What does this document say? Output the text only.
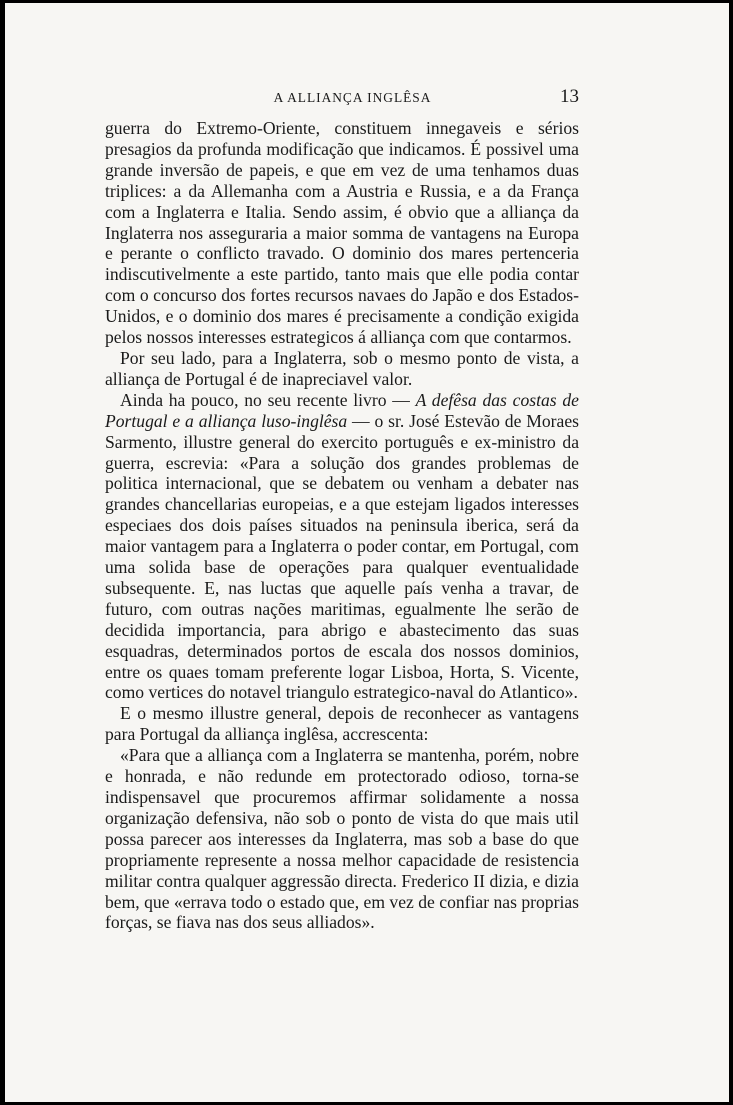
A ALLIANÇA INGLÊSA	13

guerra do Extremo-Oriente, constituem innegaveis e sérios presagios da profunda modificação que indicamos. É possivel uma grande inversão de papeis, e que em vez de uma tenhamos duas triplices: a da Allemanha com a Austria e Russia, e a da França com a Inglaterra e Italia. Sendo assim, é obvio que a alliança da Inglaterra nos asseguraria a maior somma de vantagens na Europa e perante o conflicto travado. O dominio dos mares pertenceria indiscutivelmente a este partido, tanto mais que elle podia contar com o concurso dos fortes recursos navaes do Japão e dos Estados-Unidos, e o dominio dos mares é precisamente a condição exigida pelos nossos interesses estrategicos á alliança com que contarmos.

Por seu lado, para a Inglaterra, sob o mesmo ponto de vista, a alliança de Portugal é de inapreciavel valor.

Ainda ha pouco, no seu recente livro — A defêsa das costas de Portugal e a alliança luso-inglêsa — o sr. José Estevão de Moraes Sarmento, illustre general do exercito português e ex-ministro da guerra, escrevia: «Para a solução dos grandes problemas de politica internacional, que se debatem ou venham a debater nas grandes chancellarias europeias, e a que estejam ligados interesses especiaes dos dois países situados na peninsula iberica, será da maior vantagem para a Inglaterra o poder contar, em Portugal, com uma solida base de operações para qualquer eventualidade subsequente. E, nas luctas que aquelle país venha a travar, de futuro, com outras nações maritimas, egualmente lhe serão de decidida importancia, para abrigo e abastecimento das suas esquadras, determinados portos de escala dos nossos dominios, entre os quaes tomam preferente logar Lisboa, Horta, S. Vicente, como vertices do notavel triangulo estrategico-naval do Atlantico».

E o mesmo illustre general, depois de reconhecer as vantagens para Portugal da alliança inglêsa, accrescenta:

«Para que a alliança com a Inglaterra se mantenha, porém, nobre e honrada, e não redunde em protectorado odioso, torna-se indispensavel que procuremos affirmar solidamente a nossa organização defensiva, não sob o ponto de vista do que mais util possa parecer aos interesses da Inglaterra, mas sob a base do que propriamente represente a nossa melhor capacidade de resistencia militar contra qualquer aggressão directa. Frederico II dizia, e dizia bem, que «errava todo o estado que, em vez de confiar nas proprias forças, se fiava nas dos seus alliados».
